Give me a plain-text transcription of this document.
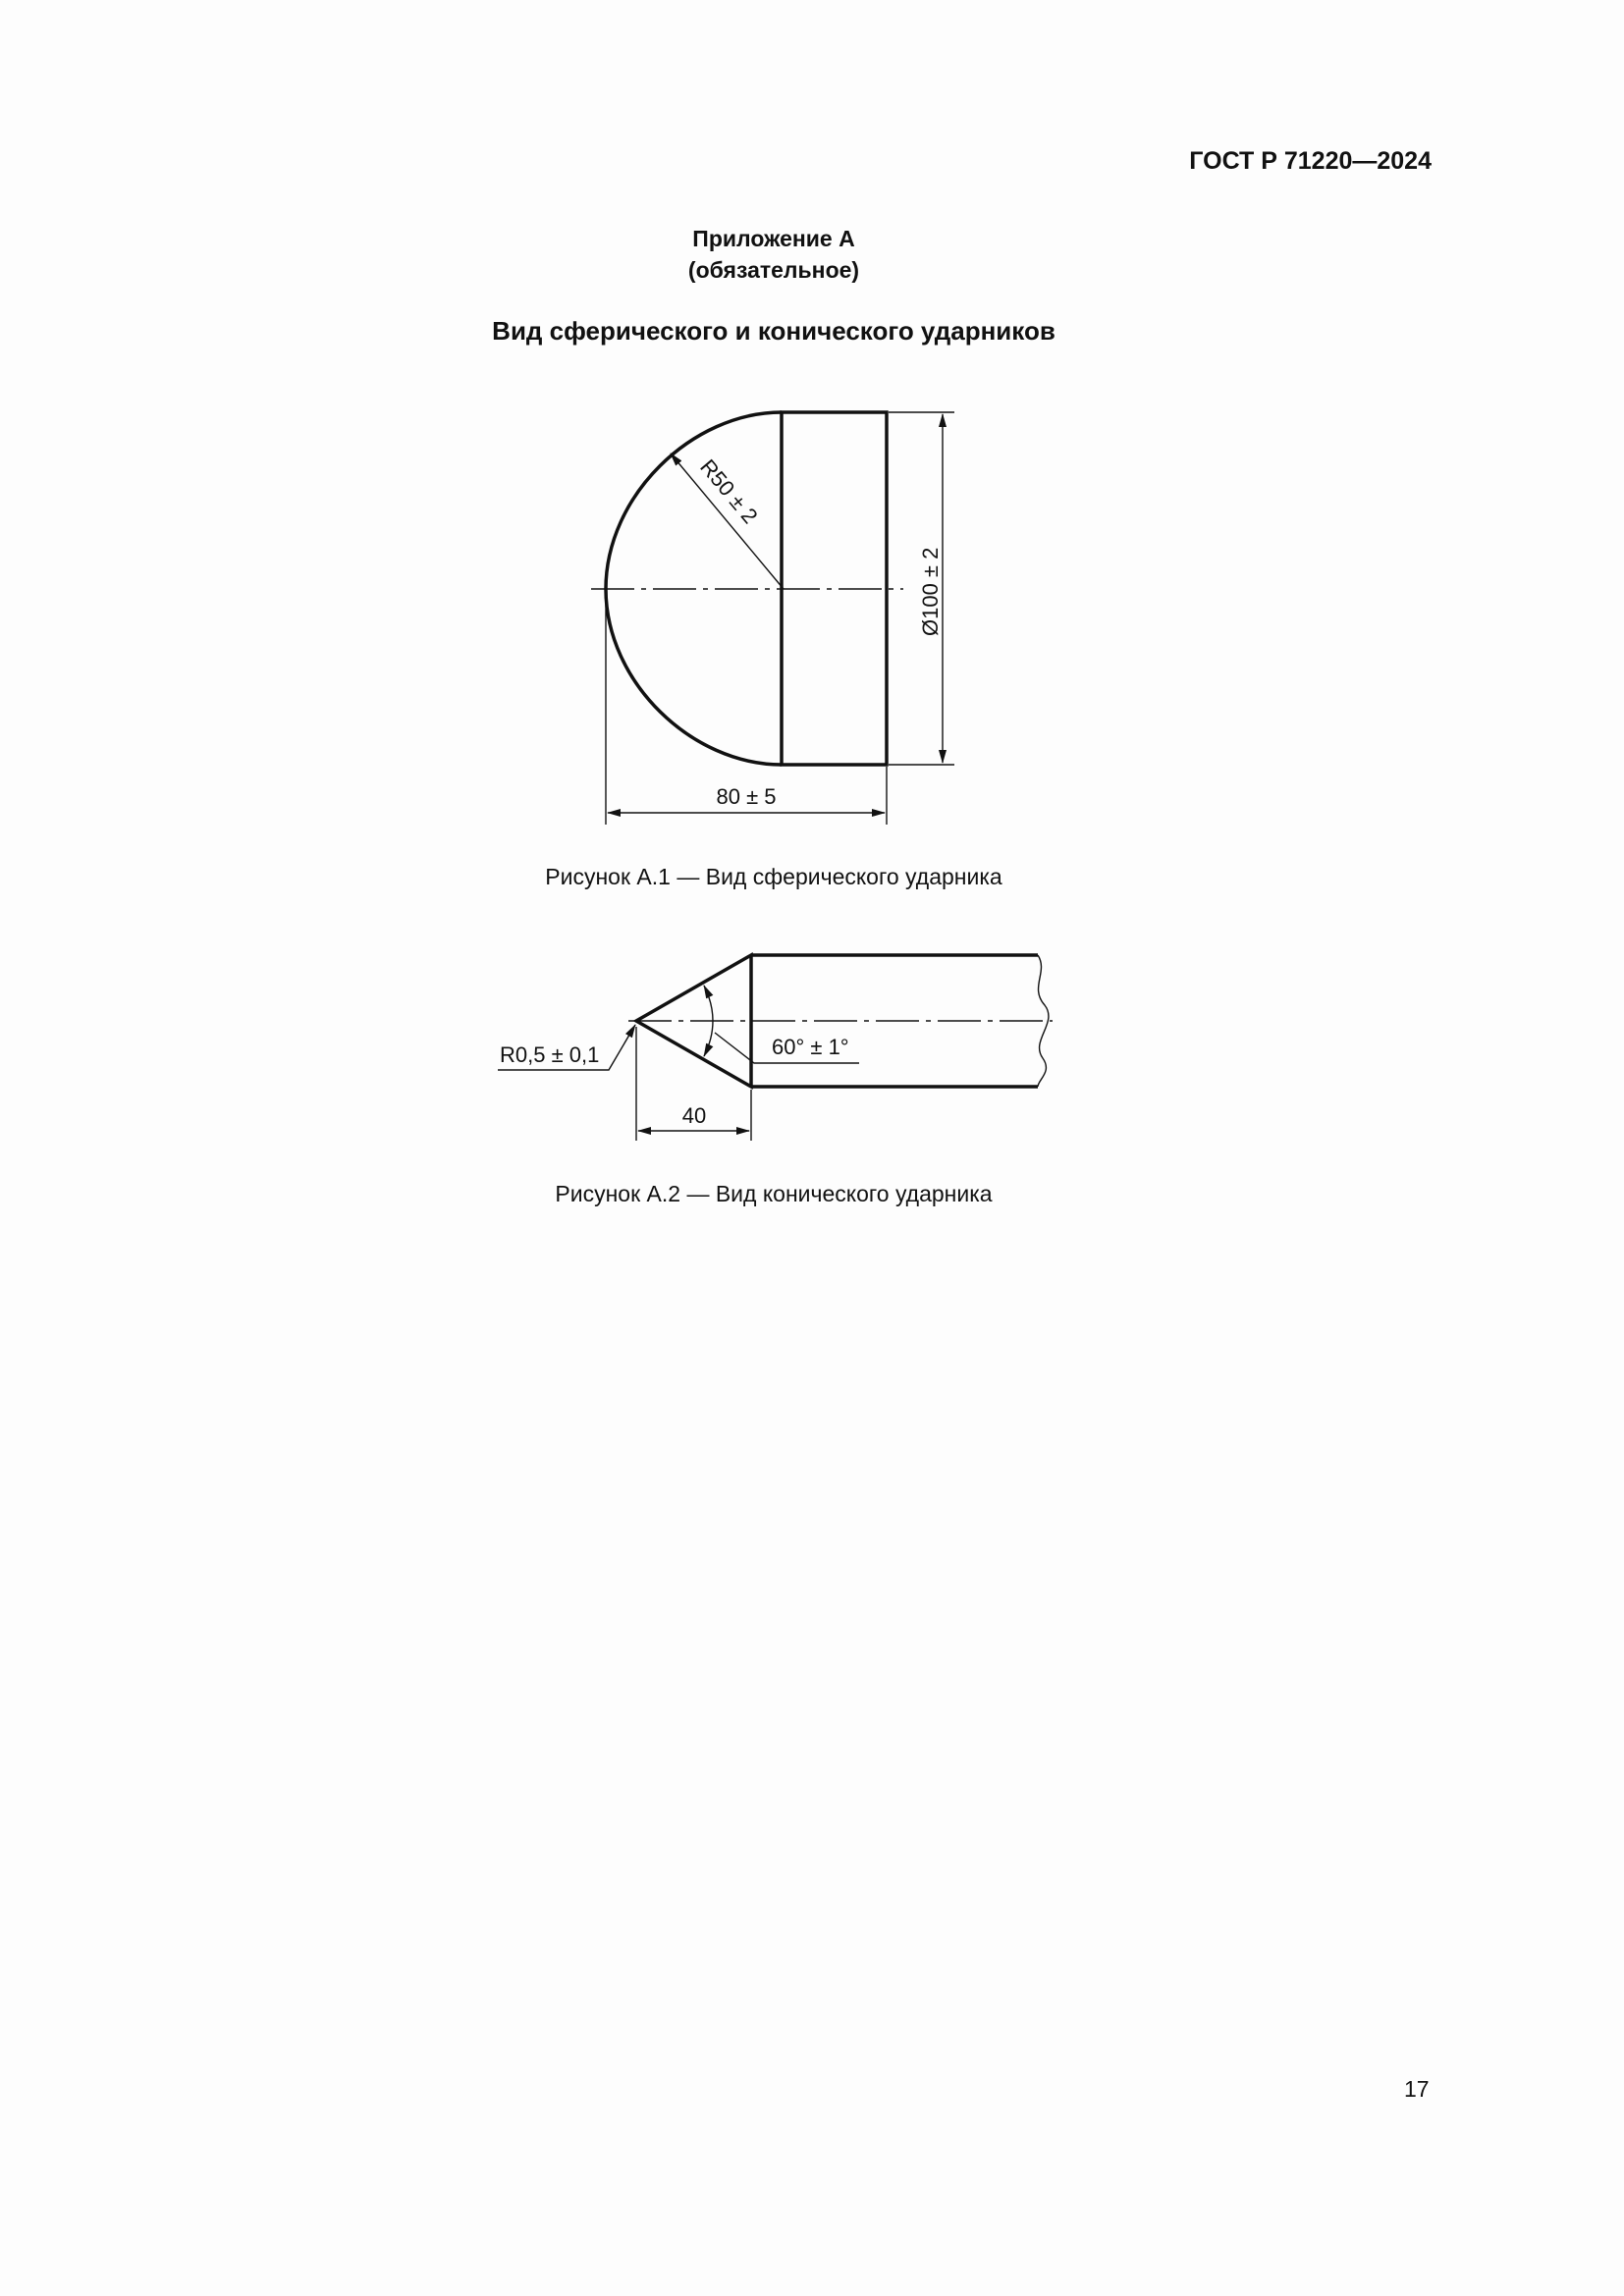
ГОСТ Р 71220—2024
Приложение А
(обязательное)
Вид сферического и конического ударников
R50 ± 2
Ø100 ± 2
80 ± 5
60° ± 1°
R0,5 ± 0,1
40
Рисунок А.1 — Вид сферического ударника
Рисунок А.2 — Вид конического ударника
17
